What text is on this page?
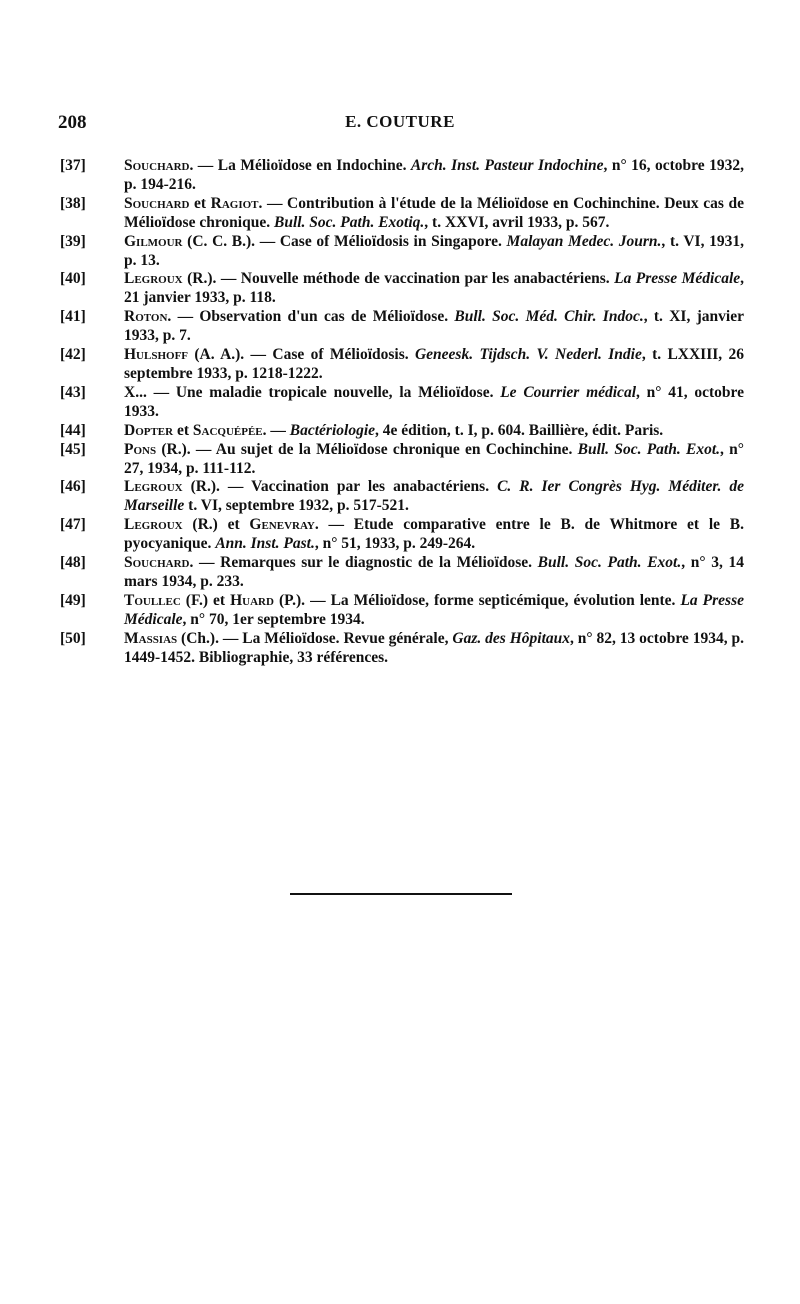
208	E. COUTURE
[37] Souchard. — La Mélioïdose en Indochine. Arch. Inst. Pasteur Indochine, n° 16, octobre 1932, p. 194-216.
[38] Souchard et Ragiot. — Contribution à l'étude de la Mélioïdose en Cochinchine. Deux cas de Mélioïdose chronique. Bull. Soc. Path. Exotiq., t. XXVI, avril 1933, p. 567.
[39] Gilmour (C. C. B.). — Case of Mélioïdosis in Singapore. Malayan Medec. Journ., t. VI, 1931, p. 13.
[40] Legroux (R.). — Nouvelle méthode de vaccination par les anabactériens. La Presse Médicale, 21 janvier 1933, p. 118.
[41] Roton. — Observation d'un cas de Mélioïdose. Bull. Soc. Méd. Chir. Indoc., t. XI, janvier 1933, p. 7.
[42] Hulshoff (A. A.). — Case of Mélioïdosis. Geneesk. Tijdsch. V. Nederl. Indie, t. LXXIII, 26 septembre 1933, p. 1218-1222.
[43] X... — Une maladie tropicale nouvelle, la Mélioïdose. Le Courrier médical, n° 41, octobre 1933.
[44] Dopter et Sacquépée. — Bactériologie, 4e édition, t. I, p. 604. Baillière, édit. Paris.
[45] Pons (R.). — Au sujet de la Mélioïdose chronique en Cochinchine. Bull. Soc. Path. Exot., n° 27, 1934, p. 111-112.
[46] Legroux (R.). — Vaccination par les anabactériens. C. R. Ier Congrès Hyg. Méditer. de Marseille t. VI, septembre 1932, p. 517-521.
[47] Legroux (R.) et Genevray. — Etude comparative entre le B. de Whitmore et le B. pyocyanique. Ann. Inst. Past., n° 51, 1933, p. 249-264.
[48] Souchard. — Remarques sur le diagnostic de la Mélioïdose. Bull. Soc. Path. Exot., n° 3, 14 mars 1934, p. 233.
[49] Toullec (F.) et Huard (P.). — La Mélioïdose, forme septicémique, évolution lente. La Presse Médicale, n° 70, 1er septembre 1934.
[50] Massias (Ch.). — La Mélioïdose. Revue générale, Gaz. des Hôpitaux, n° 82, 13 octobre 1934, p. 1449-1452. Bibliographie, 33 références.
